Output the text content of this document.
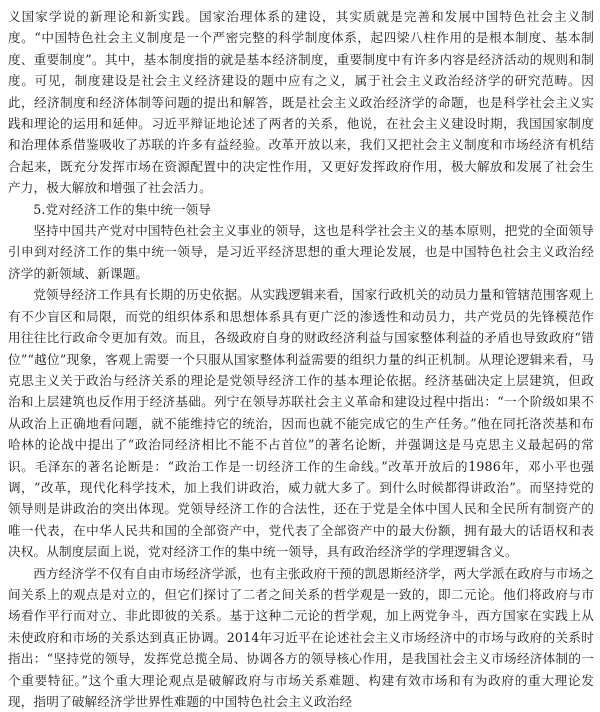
义国家学说的新理论和新实践。国家治理体系的建设，其实质就是完善和发展中国特色社会主义制度。“中国特色社会主义制度是一个严密完整的科学制度体系，起四梁八柱作用的是根本制度、基本制度、重要制度”。其中，基本制度指的就是基本经济制度，重要制度中有许多内容是经济活动的规则和制度。可见，制度建设是社会主义经济建设的题中应有之义，属于社会主义政治经济学的研究范畴。因此，经济制度和经济体制等问题的提出和解答，既是社会主义政治经济学的命题，也是科学社会主义实践和理论的运用和延伸。习近平辩证地论述了两者的关系，他说，在社会主义建设时期，我国国家制度和治理体系借鉴吸收了苏联的许多有益经验。改革开放以来，我们又把社会主义制度和市场经济有机结合起来，既充分发挥市场在资源配置中的决定性作用，又更好发挥政府作用，极大解放和发展了社会生产力，极大解放和增强了社会活力。

5.党对经济工作的集中统一领导

坚持中国共产党对中国特色社会主义事业的领导，这也是科学社会主义的基本原则，把党的全面领导引申到对经济工作的集中统一领导，是习近平经济思想的重大理论发展，也是中国特色社会主义政治经济学的新领域、新课题。

党领导经济工作具有长期的历史依据。从实践逻辑来看，国家行政机关的动员力量和管辖范围客观上有不少盲区和局限，而党的组织体系和思想体系具有更广泛的渗透性和动员力，共产党员的先锋模范作用往往比行政命令更加有效。而且，各级政府自身的财政经济利益与国家整体利益的矛盾也导致政府“错位”“越位”现象，客观上需要一个只服从国家整体利益需要的组织力量的纠正机制。从理论逻辑来看，马克思主义关于政治与经济关系的理论是党领导经济工作的基本理论依据。经济基础决定上层建筑，但政治和上层建筑也反作用于经济基础。列宁在领导苏联社会主义革命和建设过程中指出：“一个阶级如果不从政治上正确地看问题，就不能维持它的统治，因而也就不能完成它的生产任务。”他在同托洛茨基和布哈林的论战中提出了“政治同经济相比不能不占首位”的著名论断，并强调这是马克思主义最起码的常识。毛泽东的著名论断是：“政治工作是一切经济工作的生命线。”改革开放后的1986年，邓小平也强调，“改革，现代化科学技术，加上我们讲政治，威力就大多了。到什么时候都得讲政治”。而坚持党的领导则是讲政治的突出体现。党领导经济工作的合法性，还在于党是全体中国人民和全民所有制资产的唯一代表，在中华人民共和国的全部资产中，党代表了全部资产中的最大份额，拥有最大的话语权和表决权。从制度层面上说，党对经济工作的集中统一领导，具有政治经济学的学理逻辑含义。

西方经济学不仅有自由市场经济学派，也有主张政府干预的凯恩斯经济学，两大学派在政府与市场之间关系上的观点是对立的，但它们探讨了二者之间关系的哲学观是一致的，即二元论。他们将政府与市场看作平行而对立、非此即彼的关系。基于这种二元论的哲学观，加上两党争斗，西方国家在实践上从未使政府和市场的关系达到真正协调。2014年习近平在论述社会主义市场经济中的市场与政府的关系时指出：“坚持党的领导，发挥党总揽全局、协调各方的领导核心作用，是我国社会主义市场经济体制的一个重要特征。”这个重大理论观点是破解政府与市场关系难题、构建有效市场和有为政府的重大理论发现，指明了破解经济学世界性难题的中国特色社会主义政治经
